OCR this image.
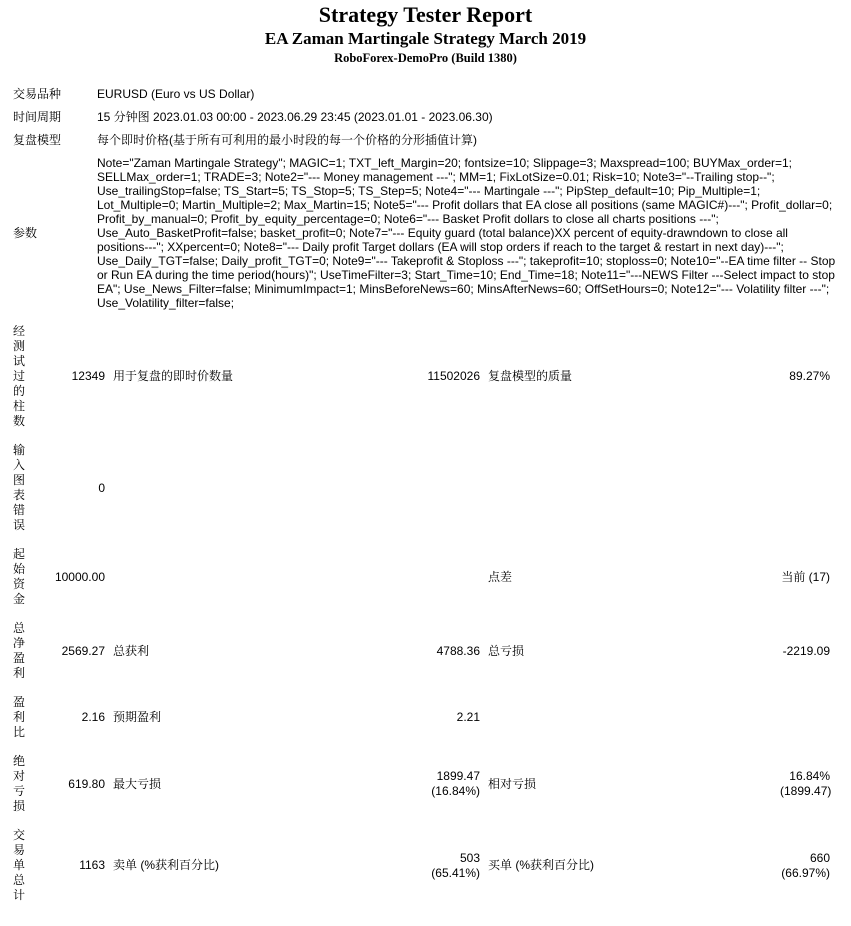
Strategy Tester Report
EA Zaman Martingale Strategy March 2019
RoboForex-DemoPro (Build 1380)
交易品种	EURUSD (Euro vs US Dollar)
时间周期	15 分钟图 2023.01.03 00:00 - 2023.06.29 23:45 (2023.01.01 - 2023.06.30)
复盘模型	每个即时价格(基于所有可利用的最小时段的每一个价格的分形插值计算)
参数
Note="Zaman Martingale Strategy"; MAGIC=1; TXT_left_Margin=20; fontsize=10; Slippage=3; Maxspread=100; BUYMax_order=1; SELLMax_order=1; TRADE=3; Note2="--- Money management ---"; MM=1; FixLotSize=0.01; Risk=10; Note3="--Trailing stop--"; Use_trailingStop=false; TS_Start=5; TS_Stop=5; TS_Step=5; Note4="--- Martingale ---"; PipStep_default=10; Pip_Multiple=1; Lot_Multiple=0; Martin_Multiple=2; Max_Martin=15; Note5="--- Profit dollars that EA close all positions (same MAGIC#)---"; Profit_dollar=0; Profit_by_manual=0; Profit_by_equity_percentage=0; Note6="--- Basket Profit dollars to close all charts positions ---"; Use_Auto_BasketProfit=false; basket_profit=0; Note7="--- Equity guard (total balance)XX percent of equity-drawndown to close all positions---"; XXpercent=0; Note8="--- Daily profit Target dollars (EA will stop orders if reach to the target & restart in next day)---"; Use_Daily_TGT=false; Daily_profit_TGT=0; Note9="--- Takeprofit & Stoploss ---"; takeprofit=10; stoploss=0; Note10="--EA time filter -- Stop or Run EA during the time period(hours)"; UseTimeFilter=3; Start_Time=10; End_Time=18; Note11="---NEWS Filter ---Select impact to stop EA"; Use_News_Filter=false; MinimumImpact=1; MinsBeforeNews=60; MinsAfterNews=60; OffSetHours=0; Note12="--- Volatility filter ---"; Use_Volatility_filter=false;
经测试过的柱数	12349	用于复盘的即时价数量	11502026	复盘模型的质量	89.27%
输入图表错误	0				
起始资金	10000.00			点差	当前 (17)
总净盈利	2569.27	总获利	4788.36	总亏损	-2219.09
盈利比	2.16	预期盈利	2.21		
绝对亏损	619.80	最大亏损	1899.47 (16.84%)	相对亏损	16.84% (1899.47)
交易单总计	1163	卖单 (%获利百分比)	503 (65.41%)	买单 (%获利百分比)	660 (66.97%)
